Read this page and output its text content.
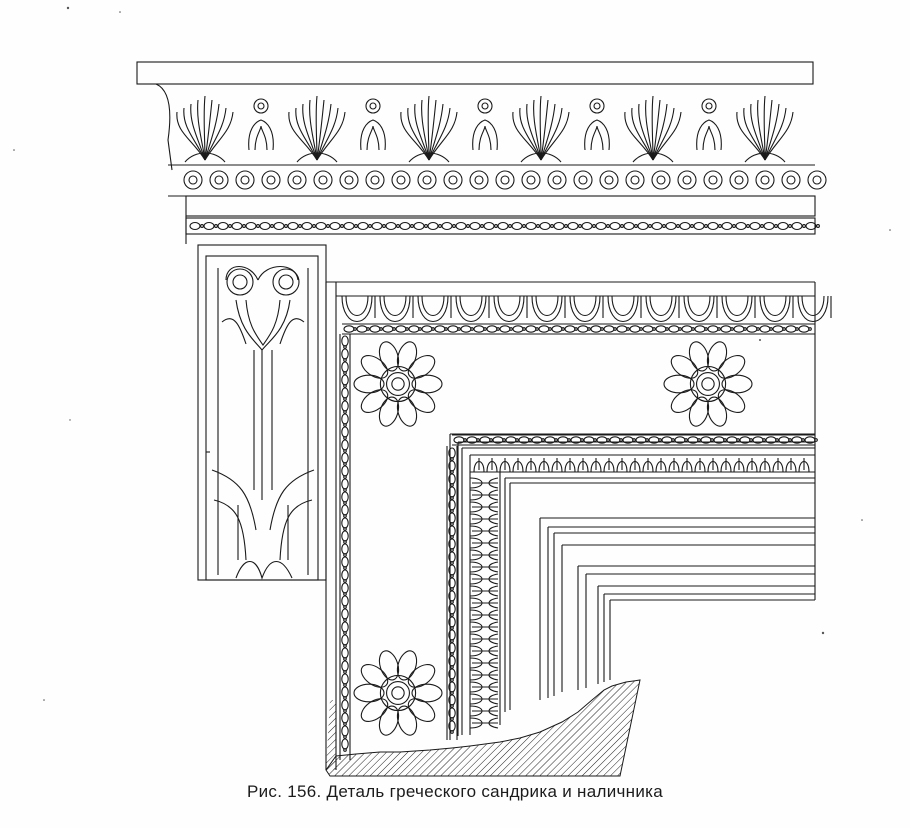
Рис. 156. Деталь греческого сандрика и наличника
